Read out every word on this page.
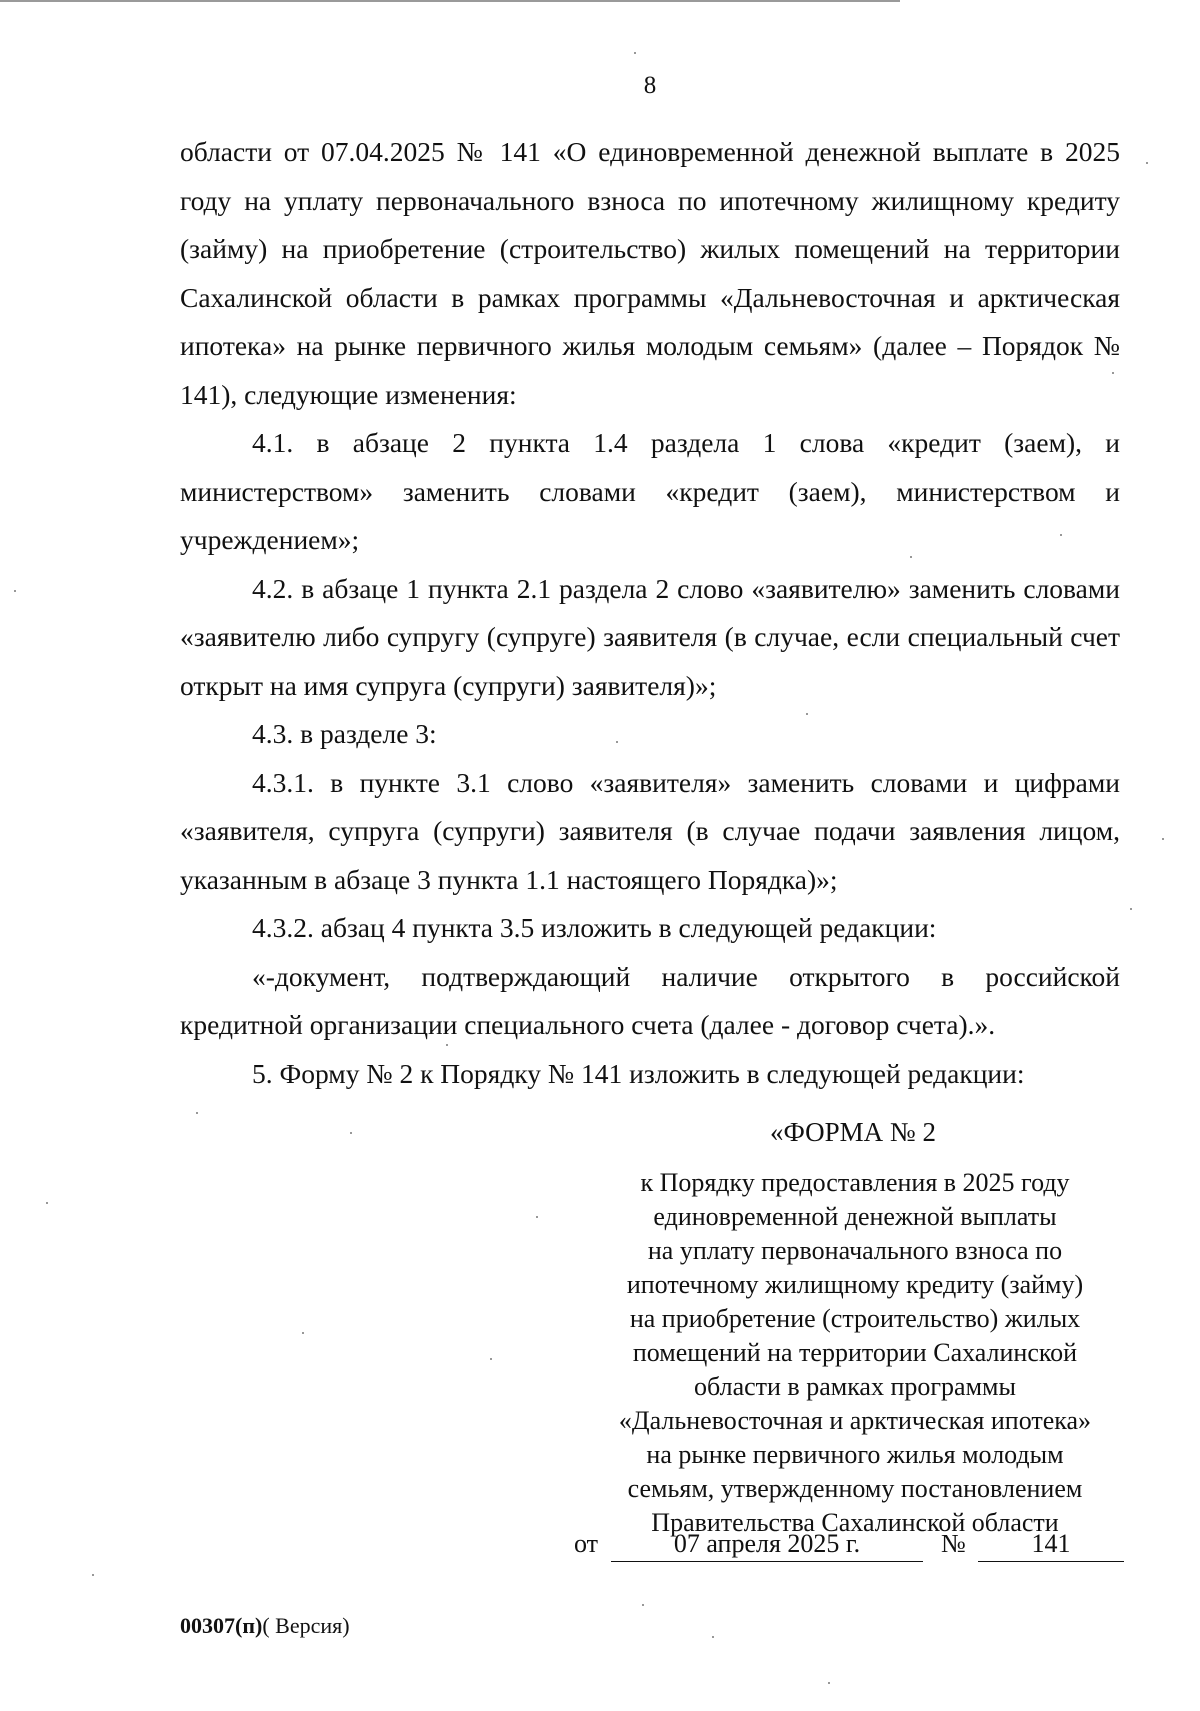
8

области от 07.04.2025 № 141 «О единовременной денежной выплате в 2025 году на уплату первоначального взноса по ипотечному жилищному кредиту (займу) на приобретение (строительство) жилых помещений на территории Сахалинской области в рамках программы «Дальневосточная и арктическая ипотека» на рынке первичного жилья молодым семьям» (далее – Порядок № 141), следующие изменения:

4.1. в абзаце 2 пункта 1.4 раздела 1 слова «кредит (заем), и министерством» заменить словами «кредит (заем), министерством и учреждением»;

4.2. в абзаце 1 пункта 2.1 раздела 2 слово «заявителю» заменить словами «заявителю либо супругу (супруге) заявителя (в случае, если специальный счет открыт на имя супруга (супруги) заявителя)»;

4.3. в разделе 3:

4.3.1. в пункте 3.1 слово «заявителя» заменить словами и цифрами «заявителя, супруга (супруги) заявителя (в случае подачи заявления лицом, указанным в абзаце 3 пункта 1.1 настоящего Порядка)»;

4.3.2. абзац 4 пункта 3.5 изложить в следующей редакции:

«-документ, подтверждающий наличие открытого в российской кредитной организации специального счета (далее - договор счета).».

5. Форму № 2 к Порядку № 141 изложить в следующей редакции:

«ФОРМА № 2
к Порядку предоставления в 2025 году
единовременной денежной выплаты
на уплату первоначального взноса по
ипотечному жилищному кредиту (займу)
на приобретение (строительство) жилых
помещений на территории Сахалинской
области в рамках программы
«Дальневосточная и арктическая ипотека»
на рынке первичного жилья молодым
семьям, утвержденному постановлением
Правительства Сахалинской области
от	07 апреля 2025 г.	№	141
00307(п)( Версия)
